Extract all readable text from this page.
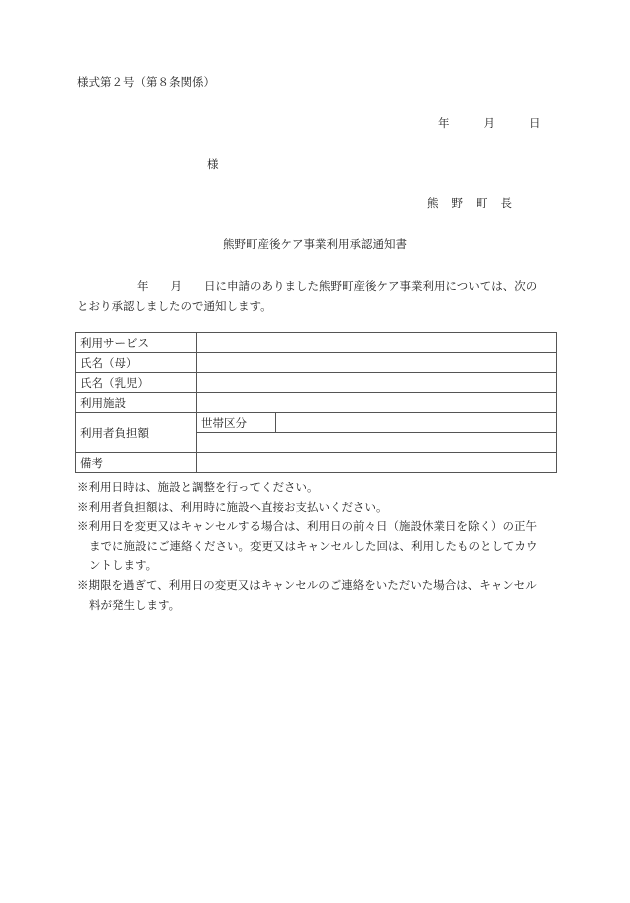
様式第２号（第８条関係）
年	月	日
様
熊野町長
熊野町産後ケア事業利用承認通知書
年 月 日に申請のありました熊野町産後ケア事業利用については、次の
とおり承認しましたので通知します。
利用サービス		
氏名（母）		
氏名（乳児）		
利用施設		
利用者負担額	世帯区分	

備考		
※利用日時は、施設と調整を行ってください。
※利用者負担額は、利用時に施設へ直接お支払いください。
※利用日を変更又はキャンセルする場合は、利用日の前々日（施設休業日を除く）の正午
までに施設にご連絡ください。変更又はキャンセルした回は、利用したものとしてカウ
ントします。
※期限を過ぎて、利用日の変更又はキャンセルのご連絡をいただいた場合は、キャンセル
料が発生します。
